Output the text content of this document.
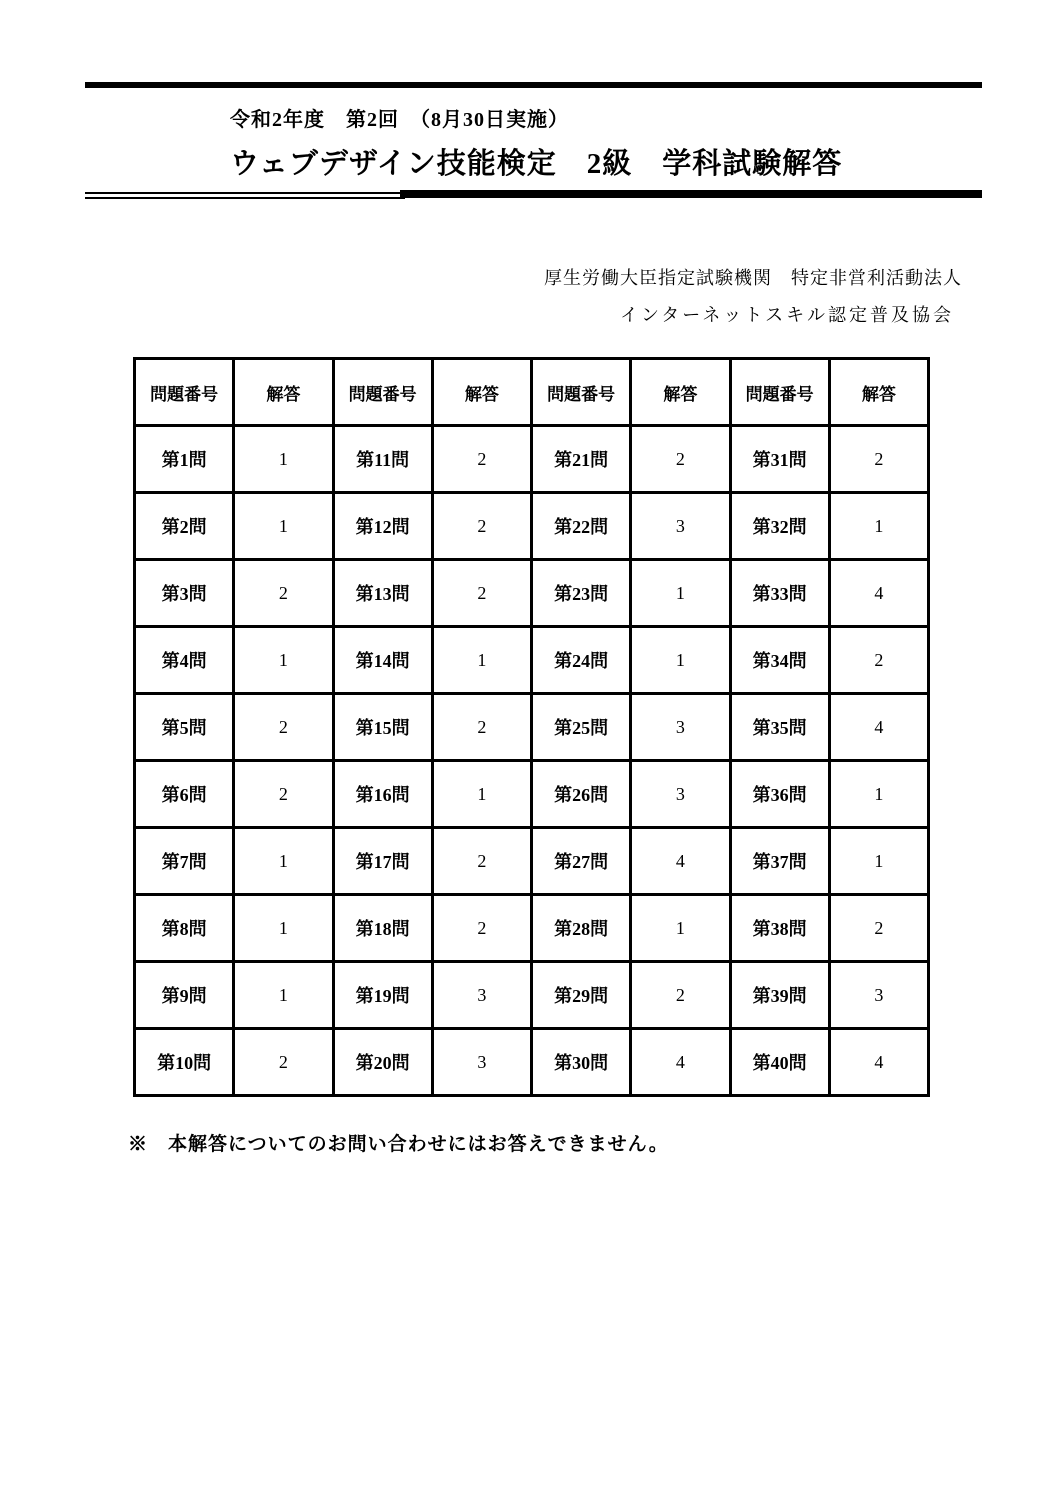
令和2年度　第2回　（8月30日実施）
ウェブデザイン技能検定　2級　学科試験解答
厚生労働大臣指定試験機関　特定非営利活動法人
インターネットスキル認定普及協会
問題番号	解答	問題番号	解答	問題番号	解答	問題番号	解答
第1問	1	第11問	2	第21問	2	第31問	2
第2問	1	第12問	2	第22問	3	第32問	1
第3問	2	第13問	2	第23問	1	第33問	4
第4問	1	第14問	1	第24問	1	第34問	2
第5問	2	第15問	2	第25問	3	第35問	4
第6問	2	第16問	1	第26問	3	第36問	1
第7問	1	第17問	2	第27問	4	第37問	1
第8問	1	第18問	2	第28問	1	第38問	2
第9問	1	第19問	3	第29問	2	第39問	3
第10問	2	第20問	3	第30問	4	第40問	4
※　本解答についてのお問い合わせにはお答えできません。
